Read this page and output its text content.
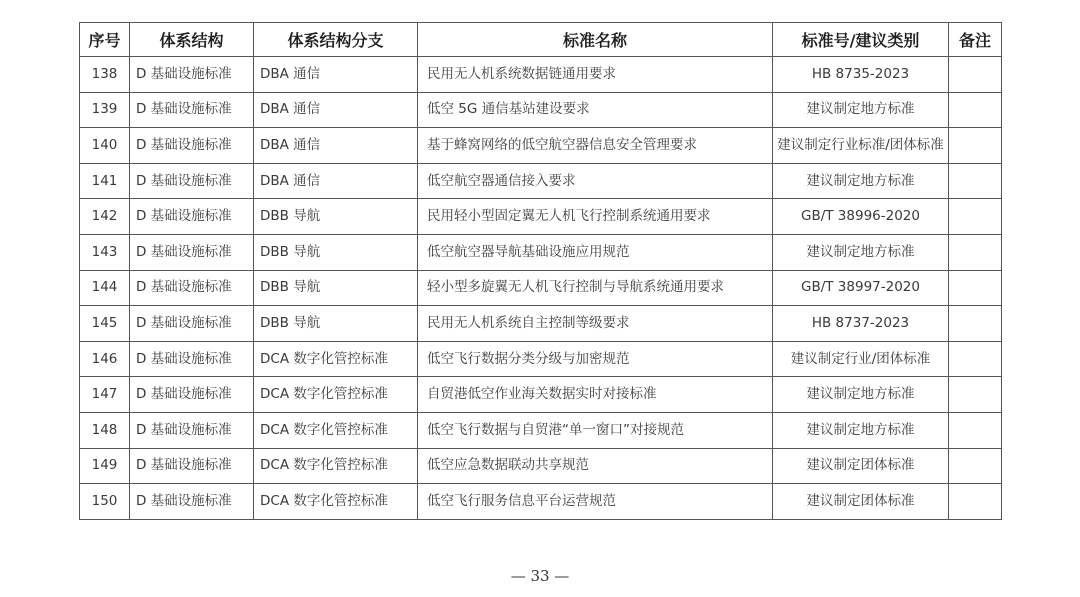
序号	体系结构	体系结构分支	标准名称	标准号/建议类别	备注
138	D 基础设施标准	DBA 通信	民用无人机系统数据链通用要求	HB 8735-2023	
139	D 基础设施标准	DBA 通信	低空 5G 通信基站建设要求	建议制定地方标准	
140	D 基础设施标准	DBA 通信	基于蜂窝网络的低空航空器信息安全管理要求	建议制定行业标准/团体标准	
141	D 基础设施标准	DBA 通信	低空航空器通信接入要求	建议制定地方标准	
142	D 基础设施标准	DBB 导航	民用轻小型固定翼无人机飞行控制系统通用要求	GB/T 38996-2020	
143	D 基础设施标准	DBB 导航	低空航空器导航基础设施应用规范	建议制定地方标准	
144	D 基础设施标准	DBB 导航	轻小型多旋翼无人机飞行控制与导航系统通用要求	GB/T 38997-2020	
145	D 基础设施标准	DBB 导航	民用无人机系统自主控制等级要求	HB 8737-2023	
146	D 基础设施标准	DCA 数字化管控标准	低空飞行数据分类分级与加密规范	建议制定行业/团体标准	
147	D 基础设施标准	DCA 数字化管控标准	自贸港低空作业海关数据实时对接标准	建议制定地方标准	
148	D 基础设施标准	DCA 数字化管控标准	低空飞行数据与自贸港“单一窗口”对接规范	建议制定地方标准	
149	D 基础设施标准	DCA 数字化管控标准	低空应急数据联动共享规范	建议制定团体标准	
150	D 基础设施标准	DCA 数字化管控标准	低空飞行服务信息平台运营规范	建议制定团体标准	
— 33 —
